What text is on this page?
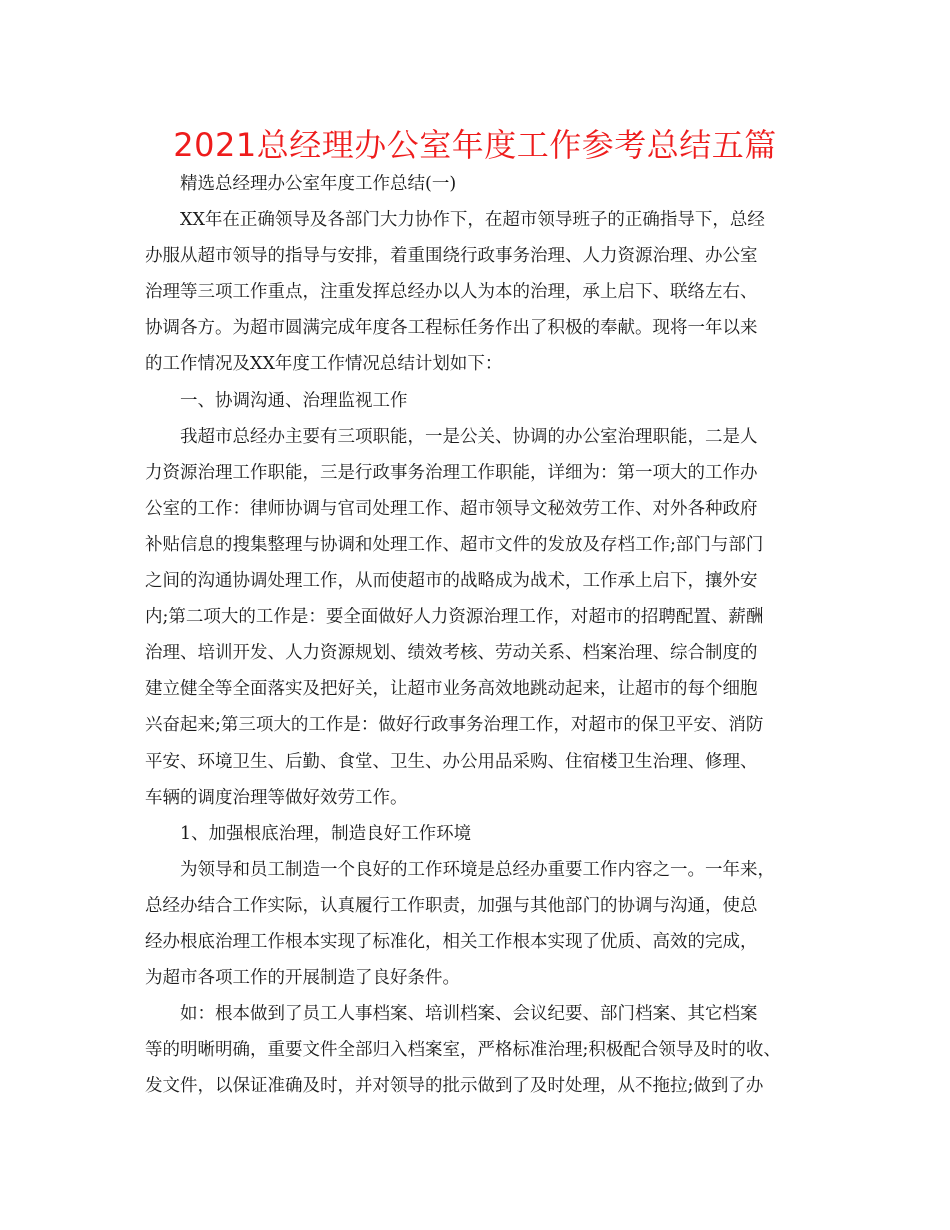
2021总经理办公室年度工作参考总结五篇
精选总经理办公室年度工作总结(一)
XX年在正确领导及各部门大力协作下，在超市领导班子的正确指导下，总经
办服从超市领导的指导与安排，着重围绕行政事务治理、人力资源治理、办公室
治理等三项工作重点，注重发挥总经办以人为本的治理，承上启下、联络左右、
协调各方。为超市圆满完成年度各工程标任务作出了积极的奉献。现将一年以来
的工作情况及XX年度工作情况总结计划如下：
一、协调沟通、治理监视工作
我超市总经办主要有三项职能，一是公关、协调的办公室治理职能，二是人
力资源治理工作职能，三是行政事务治理工作职能，详细为：第一项大的工作办
公室的工作：律师协调与官司处理工作、超市领导文秘效劳工作、对外各种政府
补贴信息的搜集整理与协调和处理工作、超市文件的发放及存档工作;部门与部门
之间的沟通协调处理工作，从而使超市的战略成为战术，工作承上启下，攘外安
内;第二项大的工作是：要全面做好人力资源治理工作，对超市的招聘配置、薪酬
治理、培训开发、人力资源规划、绩效考核、劳动关系、档案治理、综合制度的
建立健全等全面落实及把好关，让超市业务高效地跳动起来，让超市的每个细胞
兴奋起来;第三项大的工作是：做好行政事务治理工作，对超市的保卫平安、消防
平安、环境卫生、后勤、食堂、卫生、办公用品采购、住宿楼卫生治理、修理、
车辆的调度治理等做好效劳工作。
1、加强根底治理，制造良好工作环境
为领导和员工制造一个良好的工作环境是总经办重要工作内容之一。一年来，
总经办结合工作实际，认真履行工作职责，加强与其他部门的协调与沟通，使总
经办根底治理工作根本实现了标准化，相关工作根本实现了优质、高效的完成，
为超市各项工作的开展制造了良好条件。
如：根本做到了员工人事档案、培训档案、会议纪要、部门档案、其它档案
等的明晰明确，重要文件全部归入档案室，严格标准治理;积极配合领导及时的收、
发文件，以保证准确及时，并对领导的批示做到了及时处理，从不拖拉;做到了办
